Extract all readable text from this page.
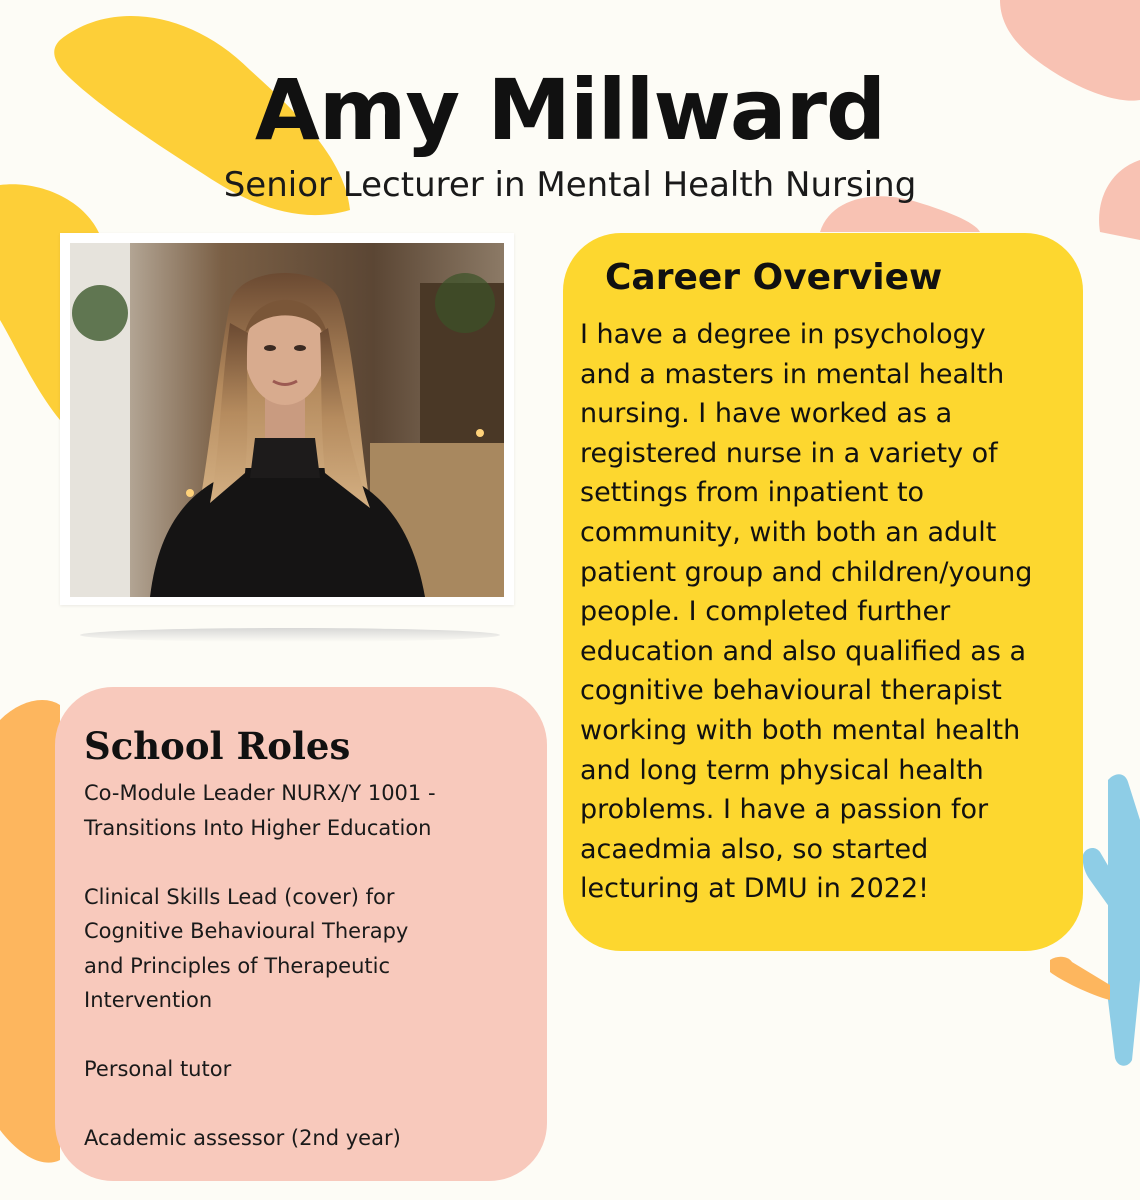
Amy Millward
Senior Lecturer in Mental Health Nursing
Career Overview
I have a degree in psychology
and a masters in mental health
nursing. I have worked as a
registered nurse in a variety of
settings from inpatient to
community, with both an adult
patient group and children/young
people. I completed further
education and also qualified as a
cognitive behavioural therapist
working with both mental health
and long term physical health
problems. I have a passion for
acaedmia also, so started
lecturing at DMU in 2022!
School Roles
Co-Module Leader NURX/Y 1001 -
Transitions Into Higher Education
Clinical Skills Lead (cover) for
Cognitive Behavioural Therapy
and Principles of Therapeutic
Intervention
Personal tutor
Academic assessor (2nd year)
